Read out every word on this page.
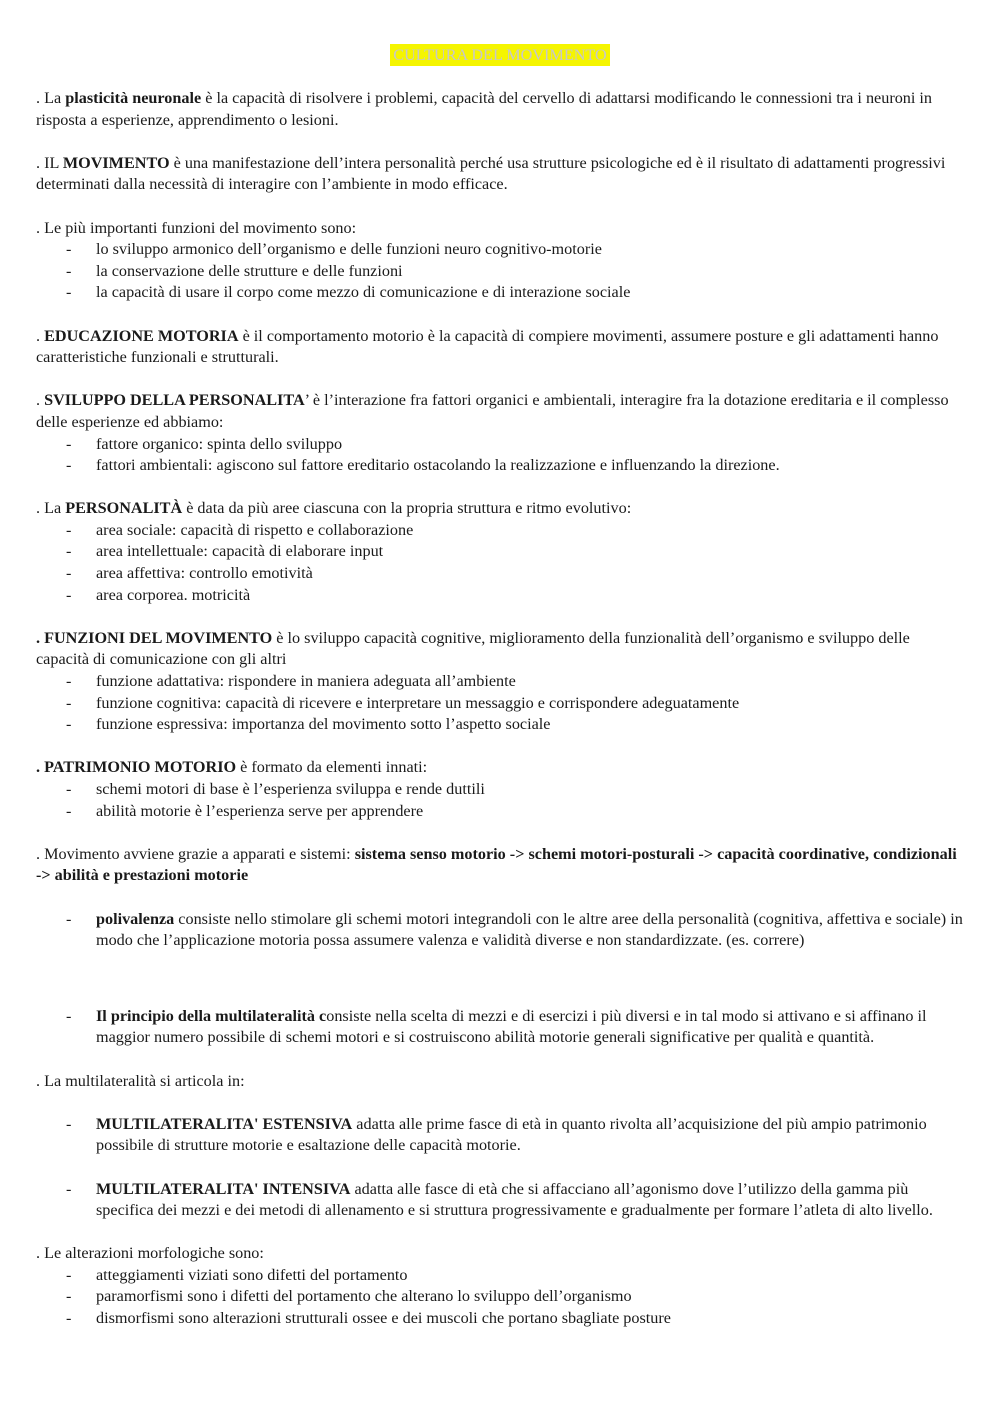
CULTURA DEL MOVIMENTO

. La plasticità neuronale è la capacità di risolvere i problemi, capacità del cervello di adattarsi modificando le connessioni tra i neuroni in risposta a esperienze, apprendimento o lesioni.

. IL MOVIMENTO è una manifestazione dell’intera personalità perché usa strutture psicologiche ed è il risultato di adattamenti progressivi determinati dalla necessità di interagire con l’ambiente in modo efficace.

. Le più importanti funzioni del movimento sono:

- lo sviluppo armonico dell’organismo e delle funzioni neuro cognitivo-motorie
- la conservazione delle strutture e delle funzioni
- la capacità di usare il corpo come mezzo di comunicazione e di interazione sociale

. EDUCAZIONE MOTORIA è il comportamento motorio è la capacità di compiere movimenti, assumere posture e gli adattamenti hanno caratteristiche funzionali e strutturali.

. SVILUPPO DELLA PERSONALITA’ è l’interazione fra fattori organici e ambientali, interagire fra la dotazione ereditaria e il complesso delle esperienze ed abbiamo:

- fattore organico: spinta dello sviluppo
- fattori ambientali: agiscono sul fattore ereditario ostacolando la realizzazione e influenzando la direzione.

. La PERSONALITÀ è data da più aree ciascuna con la propria struttura e ritmo evolutivo:

- area sociale: capacità di rispetto e collaborazione
- area intellettuale: capacità di elaborare input
- area affettiva: controllo emotività
- area corporea. motricità

. FUNZIONI DEL MOVIMENTO è lo sviluppo capacità cognitive, miglioramento della funzionalità dell’organismo e sviluppo delle capacità di comunicazione con gli altri

- funzione adattativa: rispondere in maniera adeguata all’ambiente
- funzione cognitiva: capacità di ricevere e interpretare un messaggio e corrispondere adeguatamente
- funzione espressiva: importanza del movimento sotto l’aspetto sociale

. PATRIMONIO MOTORIO è formato da elementi innati:

- schemi motori di base è l’esperienza sviluppa e rende duttili
- abilità motorie è l’esperienza serve per apprendere

. Movimento avviene grazie a apparati e sistemi: sistema senso motorio -> schemi motori-posturali -> capacità coordinative, condizionali -> abilità e prestazioni motorie

- polivalenza consiste nello stimolare gli schemi motori integrandoli con le altre aree della personalità (cognitiva, affettiva e sociale) in modo che l’applicazione motoria possa assumere valenza e validità diverse e non standardizzate. (es. correre)
- Il principio della multilateralità consiste nella scelta di mezzi e di esercizi i più diversi e in tal modo si attivano e si affinano il maggior numero possibile di schemi motori e si costruiscono abilità motorie generali significative per qualità e quantità.

. La multilateralità si articola in:

- MULTILATERALITA' ESTENSIVA adatta alle prime fasce di età in quanto rivolta all’acquisizione del più ampio patrimonio possibile di strutture motorie e esaltazione delle capacità motorie.
- MULTILATERALITA' INTENSIVA adatta alle fasce di età che si affacciano all’agonismo dove l’utilizzo della gamma più specifica dei mezzi e dei metodi di allenamento e si struttura progressivamente e gradualmente per formare l’atleta di alto livello.

. Le alterazioni morfologiche sono:

- atteggiamenti viziati sono difetti del portamento
- paramorfismi sono i difetti del portamento che alterano lo sviluppo dell’organismo
- dismorfismi sono alterazioni strutturali ossee e dei muscoli che portano sbagliate posture
